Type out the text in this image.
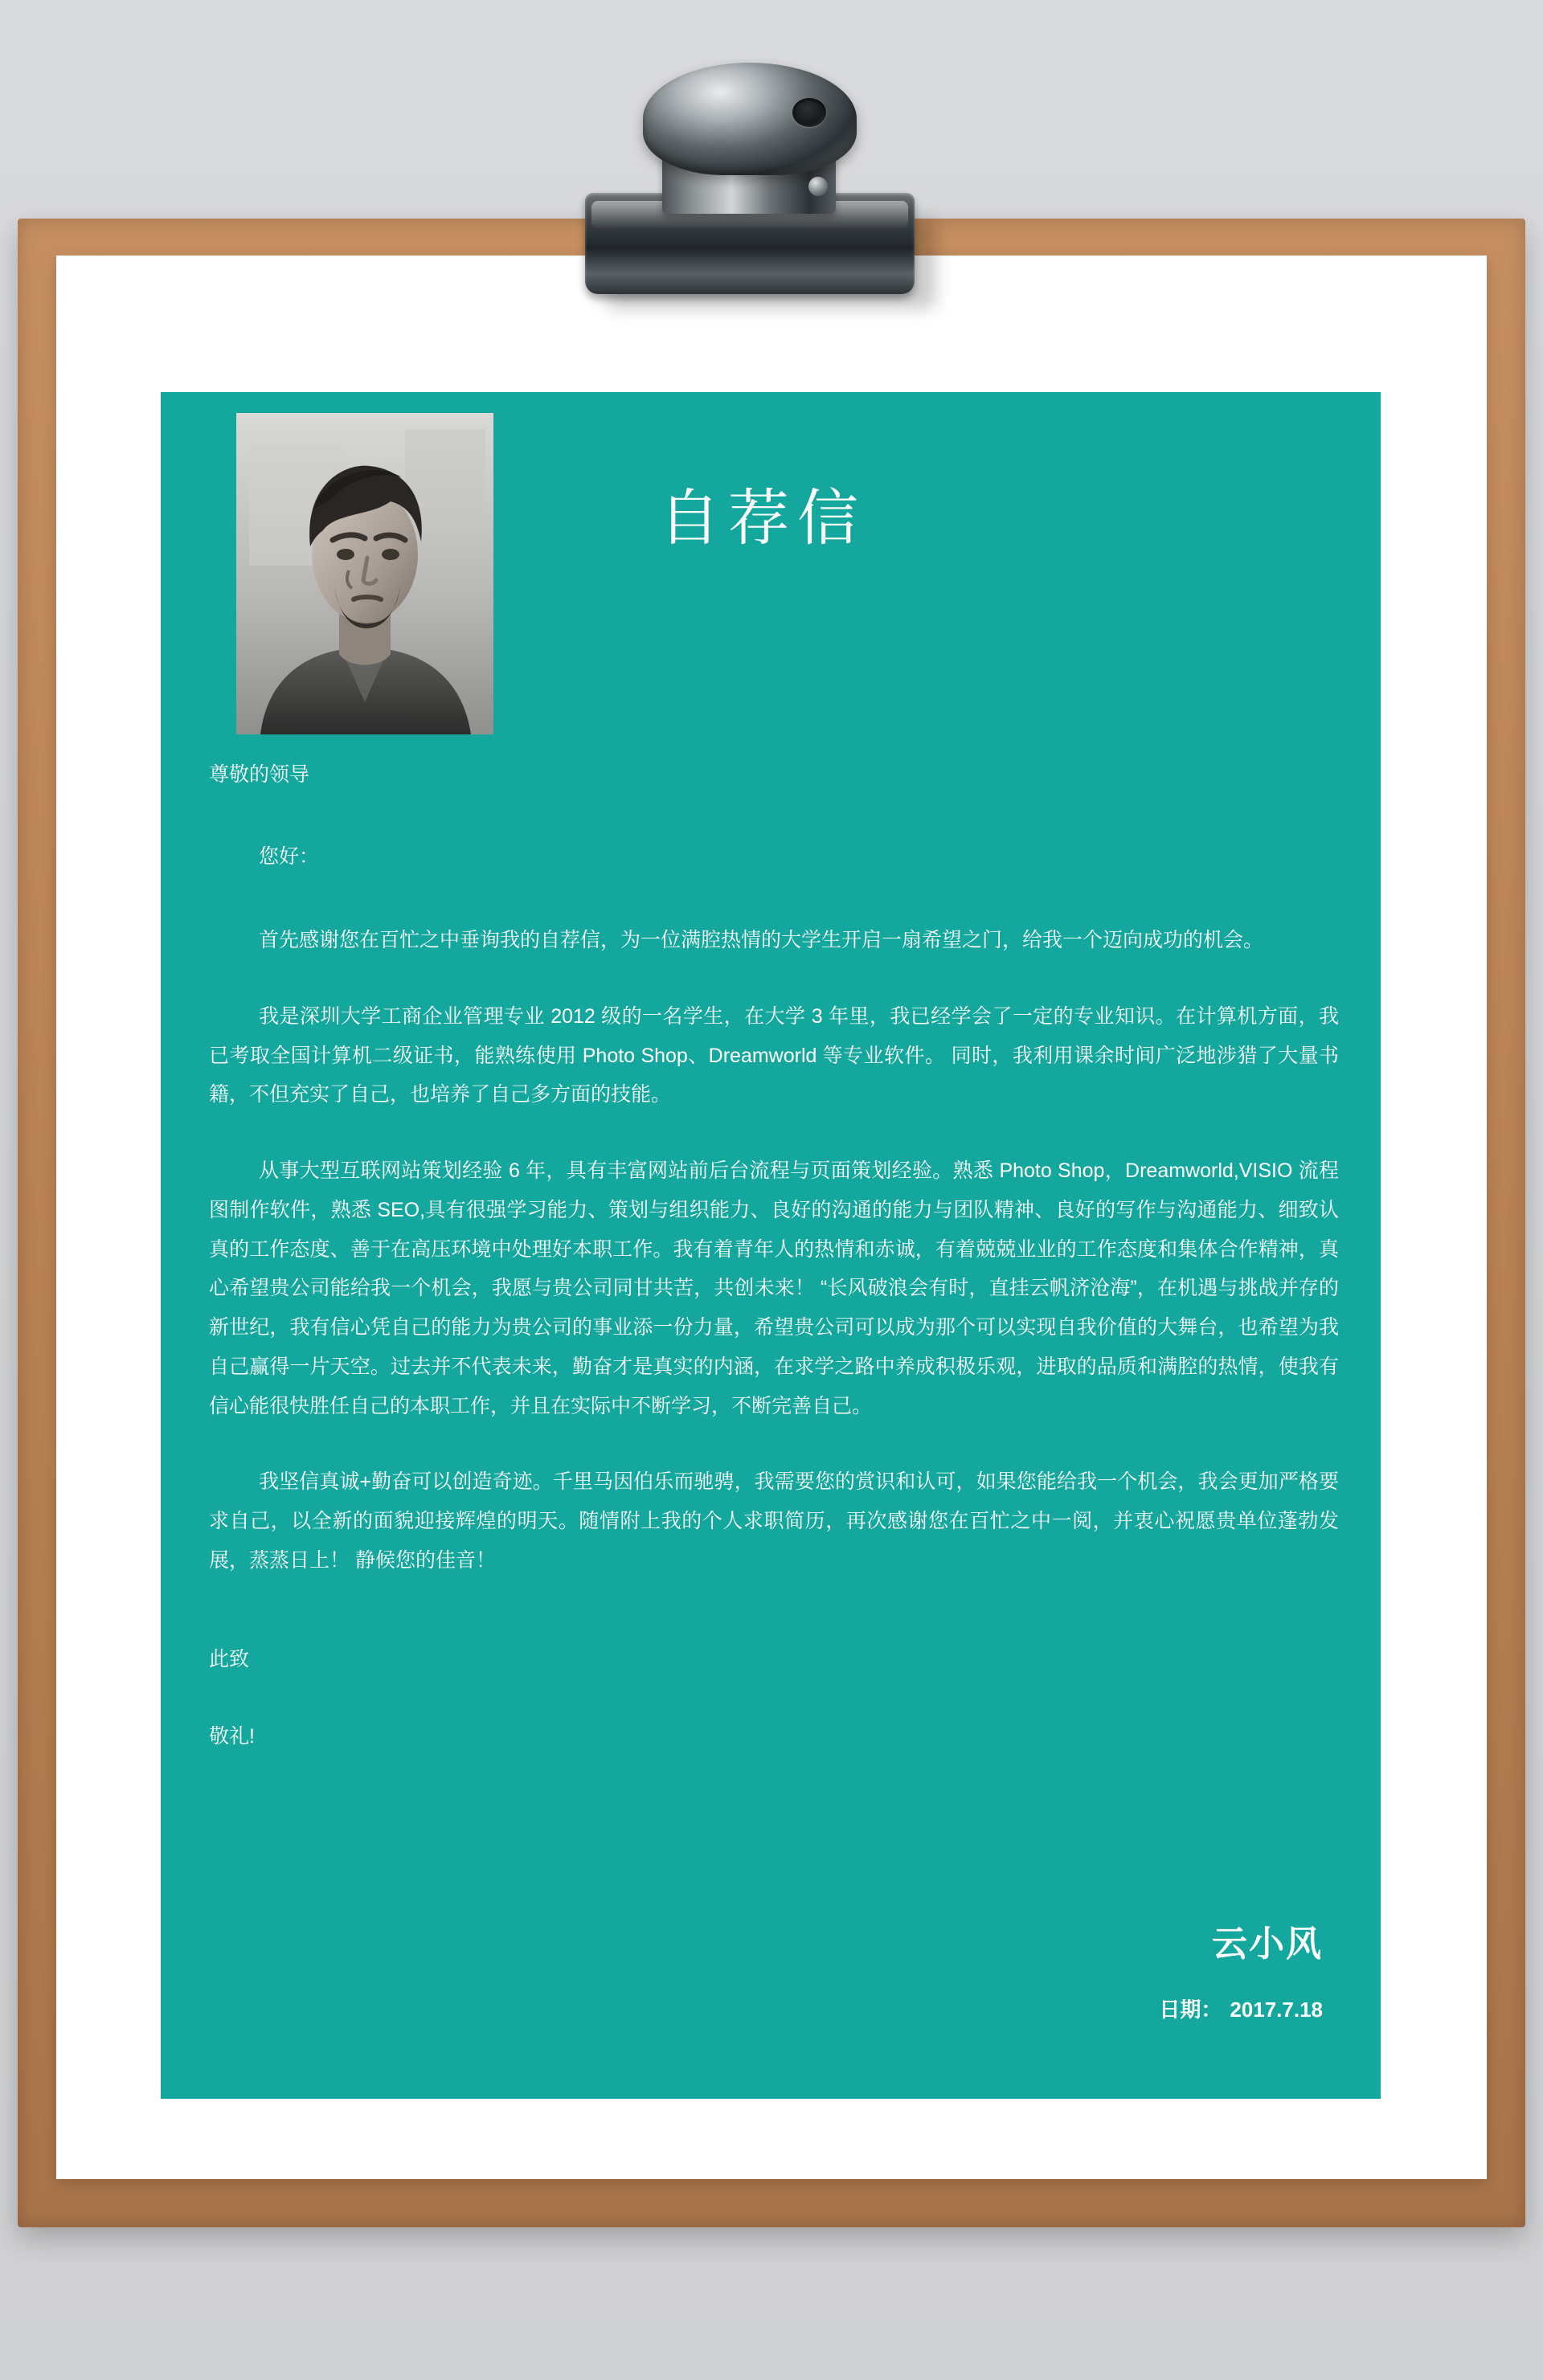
自荐信

尊敬的领导

您好：

首先感谢您在百忙之中垂询我的自荐信，为一位满腔热情的大学生开启一扇希望之门，给我一个迈向成功的机会。

我是深圳大学工商企业管理专业 2012 级的一名学生，在大学 3 年里，我已经学会了一定的专业知识。在计算机方面，我已考取全国计算机二级证书，能熟练使用 Photo Shop、Dreamworld 等专业软件。 同时，我利用课余时间广泛地涉猎了大量书籍，不但充实了自己，也培养了自己多方面的技能。

从事大型互联网站策划经验 6 年，具有丰富网站前后台流程与页面策划经验。熟悉 Photo Shop，Dreamworld,VISIO 流程图制作软件，熟悉 SEO,具有很强学习能力、策划与组织能力、良好的沟通的能力与团队精神、良好的写作与沟通能力、细致认真的工作态度、善于在高压环境中处理好本职工作。我有着青年人的热情和赤诚，有着兢兢业业的工作态度和集体合作精神，真心希望贵公司能给我一个机会，我愿与贵公司同甘共苦，共创未来！ “长风破浪会有时，直挂云帆济沧海”，在机遇与挑战并存的新世纪，我有信心凭自己的能力为贵公司的事业添一份力量，希望贵公司可以成为那个可以实现自我价值的大舞台，也希望为我自己赢得一片天空。过去并不代表未来，勤奋才是真实的内涵，在求学之路中养成积极乐观，进取的品质和满腔的热情，使我有信心能很快胜任自己的本职工作，并且在实际中不断学习，不断完善自己。

我坚信真诚+勤奋可以创造奇迹。千里马因伯乐而驰骋，我需要您的赏识和认可，如果您能给我一个机会，我会更加严格要求自己，以全新的面貌迎接辉煌的明天。随情附上我的个人求职简历，再次感谢您在百忙之中一阅，并衷心祝愿贵单位蓬勃发展，蒸蒸日上！ 静候您的佳音！

此致

敬礼!

云小风

日期： 2017.7.18
